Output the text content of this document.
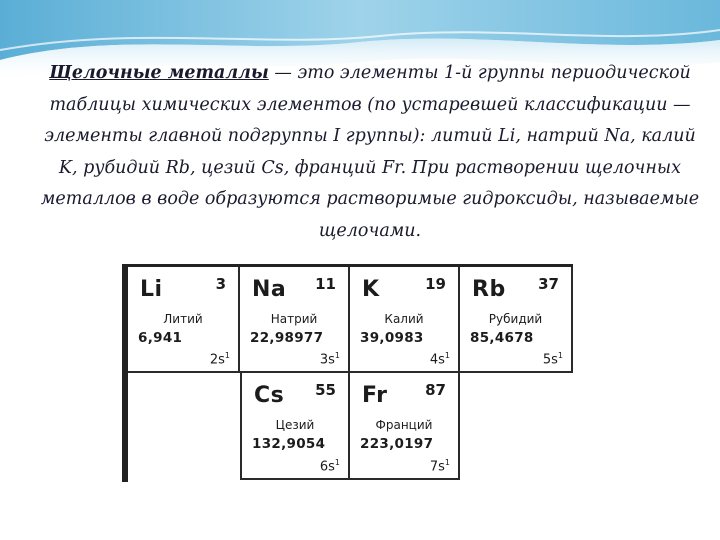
Щелочные металлы — это элементы 1-й группы периодической таблицы химических элементов (по устаревшей классификации — элементы главной подгруппы I группы): литий Li, натрий Na, калий K, рубидий Rb, цезий Cs, франций Fr. При растворении щелочных металлов в воде образуются растворимые гидроксиды, называемые щелочами.
Li	3
Литий
6,941
$2s^1$
Na 11
Натрий
22,98977
$3s^1$
K	19
Калий
39,0983
$4s^1$
Rb 37
Рубидий
85,4678
$5s^1$
Cs 55
Цезий
132,9054
$6s^1$
Fr	87
Франций
223,0197
$7s^1$
